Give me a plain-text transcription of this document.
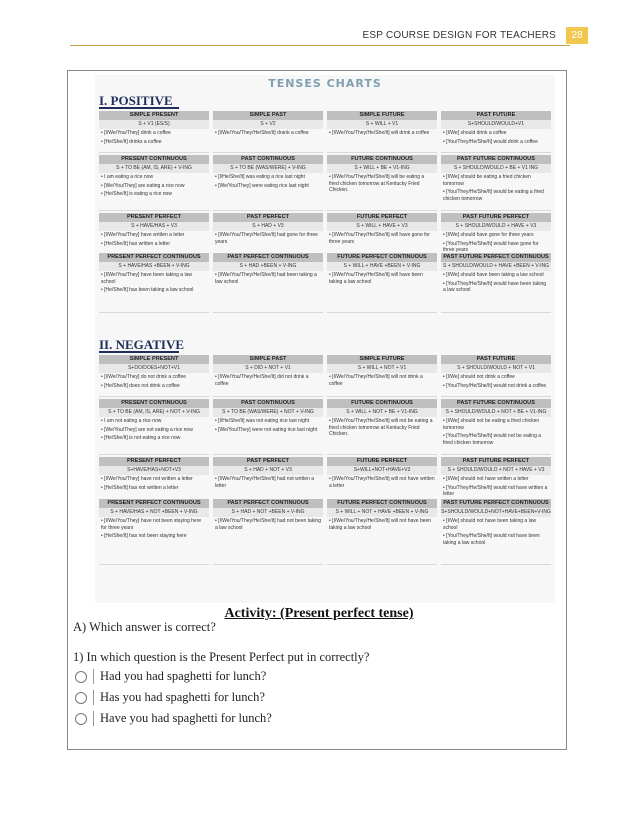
ESP COURSE DESIGN FOR TEACHERS	28
TENSES CHARTS
I. POSITIVE
SIMPLE PRESENT
S + V1 (ES/S)
• [I/We/You/They] drink a coffee
• [He/She/It] drinks a coffee
SIMPLE PAST
S + V2
• [I/We/You/They/He/She/It] drank a coffee
SIMPLE FUTURE
S + WILL + V1
• [I/We/You/They/He/She/It] will drink a coffee
PAST FUTURE
S+SHOULD/WOULD+V1
• [I/We] should drink a coffee
• [You/They/He/She/It] would drink a coffee
PRESENT CONTINUOUS
S + TO BE (AM, IS, ARE) + V-ING
• I am eating a rice now
• [We/You/They] are eating a rice now
• [He/She/It] is eating a rice now
PAST CONTINUOUS
S + TO BE (WAS/WERE) + V-ING
• [I/He/She/It] was eating a rice last night
• [We/You/They] were eating rice last night
FUTURE CONTINUOUS
S + WILL + BE + V1-ING
• [I/We/You/They/He/She/It] will be eating a fried chicken tomorrow at Kentucky Fried Chicken.
PAST FUTURE CONTINUOUS
S + SHOULD/WOULD + BE + V1 ING
• [I/We] should be eating a fried chicken tomorrow
• [You/They/He/She/It] would be eating a fried chicken tomorrow
PRESENT PERFECT
S + HAVE/HAS + V3
• [I/We/You/They] have written a letter
• [He/She/It] has written a letter
PAST PERFECT
S + HAD + V3
• [I/We/You/They/He/She/It] had gone for three years
FUTURE PERFECT
S + WILL + HAVE + V3
• [I/We/You/They/He/She/It] will have gone for three years
PAST FUTURE PERFECT
S + SHOULD/WOULD + HAVE + V3
• [I/We] should have gone for three years
• [You/They/He/She/It] would have gone for three years
PRESENT PERFECT CONTINUOUS
S + HAVE/HAS +BEEN + V-ING
• [I/We/You/They] have been taking a law school
• [He/She/It] has been taking a law school
PAST PERFECT CONTINUOUS
S + HAD +BEEN + V-ING
• [I/We/You/They/He/She/It] had been taking a law school
FUTURE PERFECT CONTINUOUS
S + WILL + HAVE +BEEN + V-ING
• [I/We/You/They/He/She/It] will have been taking a law school
PAST FUTURE PERFECT CONTINUOUS
S + SHOULD/WOULD + HAVE +BEEN + V-ING
• [I/We] should have been taking a law school
• [You/They/He/She/It] would have been taking a law school
II. NEGATIVE
SIMPLE PRESENT
S+DO/DOES+NOT+V1
• [I/We/You/They] do not drink a coffee
• [He/She/It] does not drink a coffee
SIMPLE PAST
S + DID + NOT + V1
• [I/We/You/They/He/She/It] did not drink a coffee
SIMPLE FUTURE
S + WILL + NOT + V1
• [I/We/You/They/He/She/It] will not drink a coffee
PAST FUTURE
S + SHOULD/WOULD + NOT + V1
• [I/We] should not drink a coffee
• [You/They/He/She/It] would not drink a coffee
PRESENT CONTINUOUS
S + TO BE (AM, IS, ARE) + NOT + V-ING
• I am not eating a rice now
• [We/You/They] are not eating a rice now
• [He/She/It] is not eating a rice now
PAST CONTINUOUS
S + TO BE (WAS/WERE) + NOT + V-ING
• [I/He/She/It] was not eating rice last night
• [We/You/They] were not eating rice last night
FUTURE CONTINUOUS
S + WILL + NOT + BE + V1-ING
• [I/We/You/They/He/She/It] will not be eating a fried chicken tomorrow at Kentucky Fried Chicken.
PAST FUTURE CONTINUOUS
S + SHOULD/WOULD + NOT + BE + V1-ING
• [I/We] should not be eating a fried chicken tomorrow
• [You/They/He/She/It] would not be eating a fried chicken tomorrow
PRESENT PERFECT
S+HAVE/HAS+NOT+V3
• [I/We/You/They] have not written a letter
• [He/She/It] has not written a letter
PAST PERFECT
S + HAD + NOT + V3
• [I/We/You/They/He/She/It] had not written a letter
FUTURE PERFECT
S+WILL+NOT+HAVE+V3
• [I/We/You/They/He/She/It] will not have written a letter
PAST FUTURE PERFECT
S + SHOULD/WOULD + NOT + HAVE + V3
• [I/We] should not have written a letter
• [You/They/He/She/It] would not have written a letter
PRESENT PERFECT CONTINUOUS
S + HAVE/HAS + NOT +BEEN + V-ING
• [I/We/You/They] have not been staying here for three years
• [He/She/It] has not been staying here
PAST PERFECT CONTINUOUS
S + HAD + NOT +BEEN + V-ING
• [I/We/You/They/He/She/It] had not been taking a law school
FUTURE PERFECT CONTINUOUS
S + WILL + NOT + HAVE +BEEN + V-ING
• [I/We/You/They/He/She/It] will not have been taking a law school
PAST FUTURE PERFECT CONTINUOUS
S+SHOULD/WOULD+NOT+HAVE+BEEN+V-ING
• [I/We] should not have been taking a law school
• [You/They/He/She/It] would not have been taking a law school
Activity: (Present perfect tense)
A) Which answer is correct?
1) In which question is the Present Perfect put in correctly?
Had you had spaghetti for lunch?
Has you had spaghetti for lunch?
Have you had spaghetti for lunch?
